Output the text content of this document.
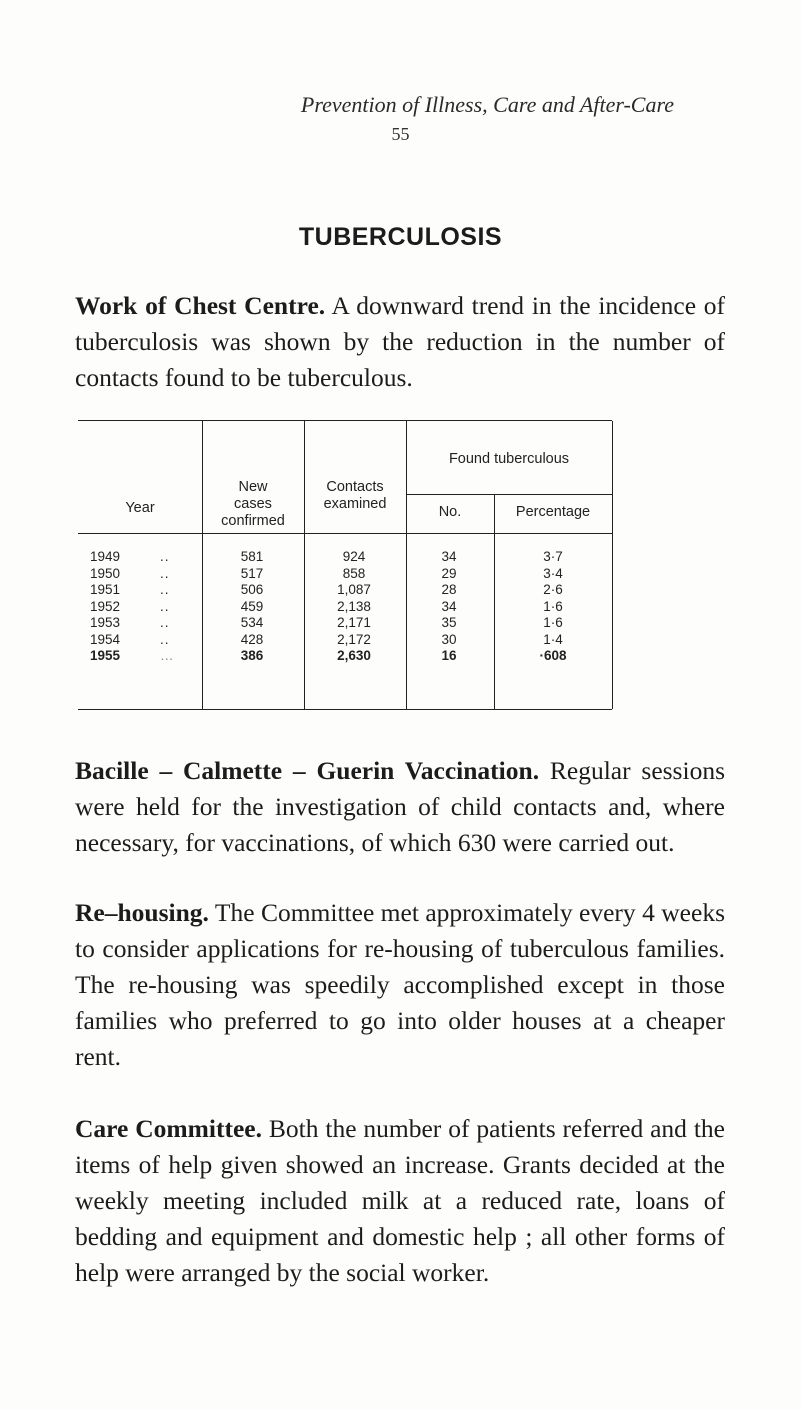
Prevention of Illness, Care and After-Care
55
TUBERCULOSIS
Work of Chest Centre. A downward trend in the incidence of tuberculosis was shown by the reduction in the number of contacts found to be tuberculous.
Year
New cases confirmed
Contacts examined
Found tuberculous
No.	Percentage
1949	..	581	924	34	3·7
1950	..	517	858	29	3·4
1951	..	506	1,087	28	2·6
1952	..	459	2,138	34	1·6
1953	..	534	2,171	35	1·6
1954	..	428	2,172	30	1·4
1955	…	386	2,630	16	·608
Bacille – Calmette – Guerin Vaccination. Regular sessions were held for the investigation of child contacts and, where necessary, for vaccinations, of which 630 were carried out.
Re–housing. The Committee met approximately every 4 weeks to consider applications for re-housing of tuberculous families. The re-housing was speedily accomplished except in those families who preferred to go into older houses at a cheaper rent.
Care Committee. Both the number of patients referred and the items of help given showed an increase. Grants decided at the weekly meeting included milk at a reduced rate, loans of bedding and equipment and domestic help ; all other forms of help were arranged by the social worker.
